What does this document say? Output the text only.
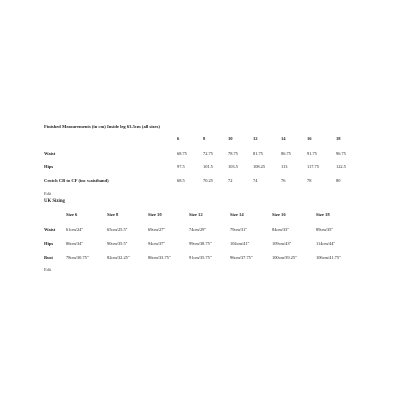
Finished Measurements (in cm) Inside leg 63.5cm (all sizes)
6	8	10	12	14	16	18
Waist	68.75	72.75	78.75	81.75	86.75	91.75	96.75
Hips	97.5	101.5	103.5	108.25	113	117.75	122.5
Crotch CB to CF (inc waistband)	68.5	70.25	72	74	76	78	80
Edit
UK Sizing
Size 6	Size 8	Size 10	Size 12	Size 14	Size 16	Size 18
Waist 61cm/24"	65cm/25.5"	69cm/27"	74cm/29"	79cm/31"	84cm/33"	89cm/35"
Hips	86cm/34"	90cm/35.5"	94cm/37"	99cm/38.75"	104cm/41"	109cm/43"	114cm/44"
Bust	78cm/30.75"	82cm/32.25"	86cm/33.75"	91cm/35.75"	96cm/37.75"	100cm/39.25"	106cm/41.75"
Edit
